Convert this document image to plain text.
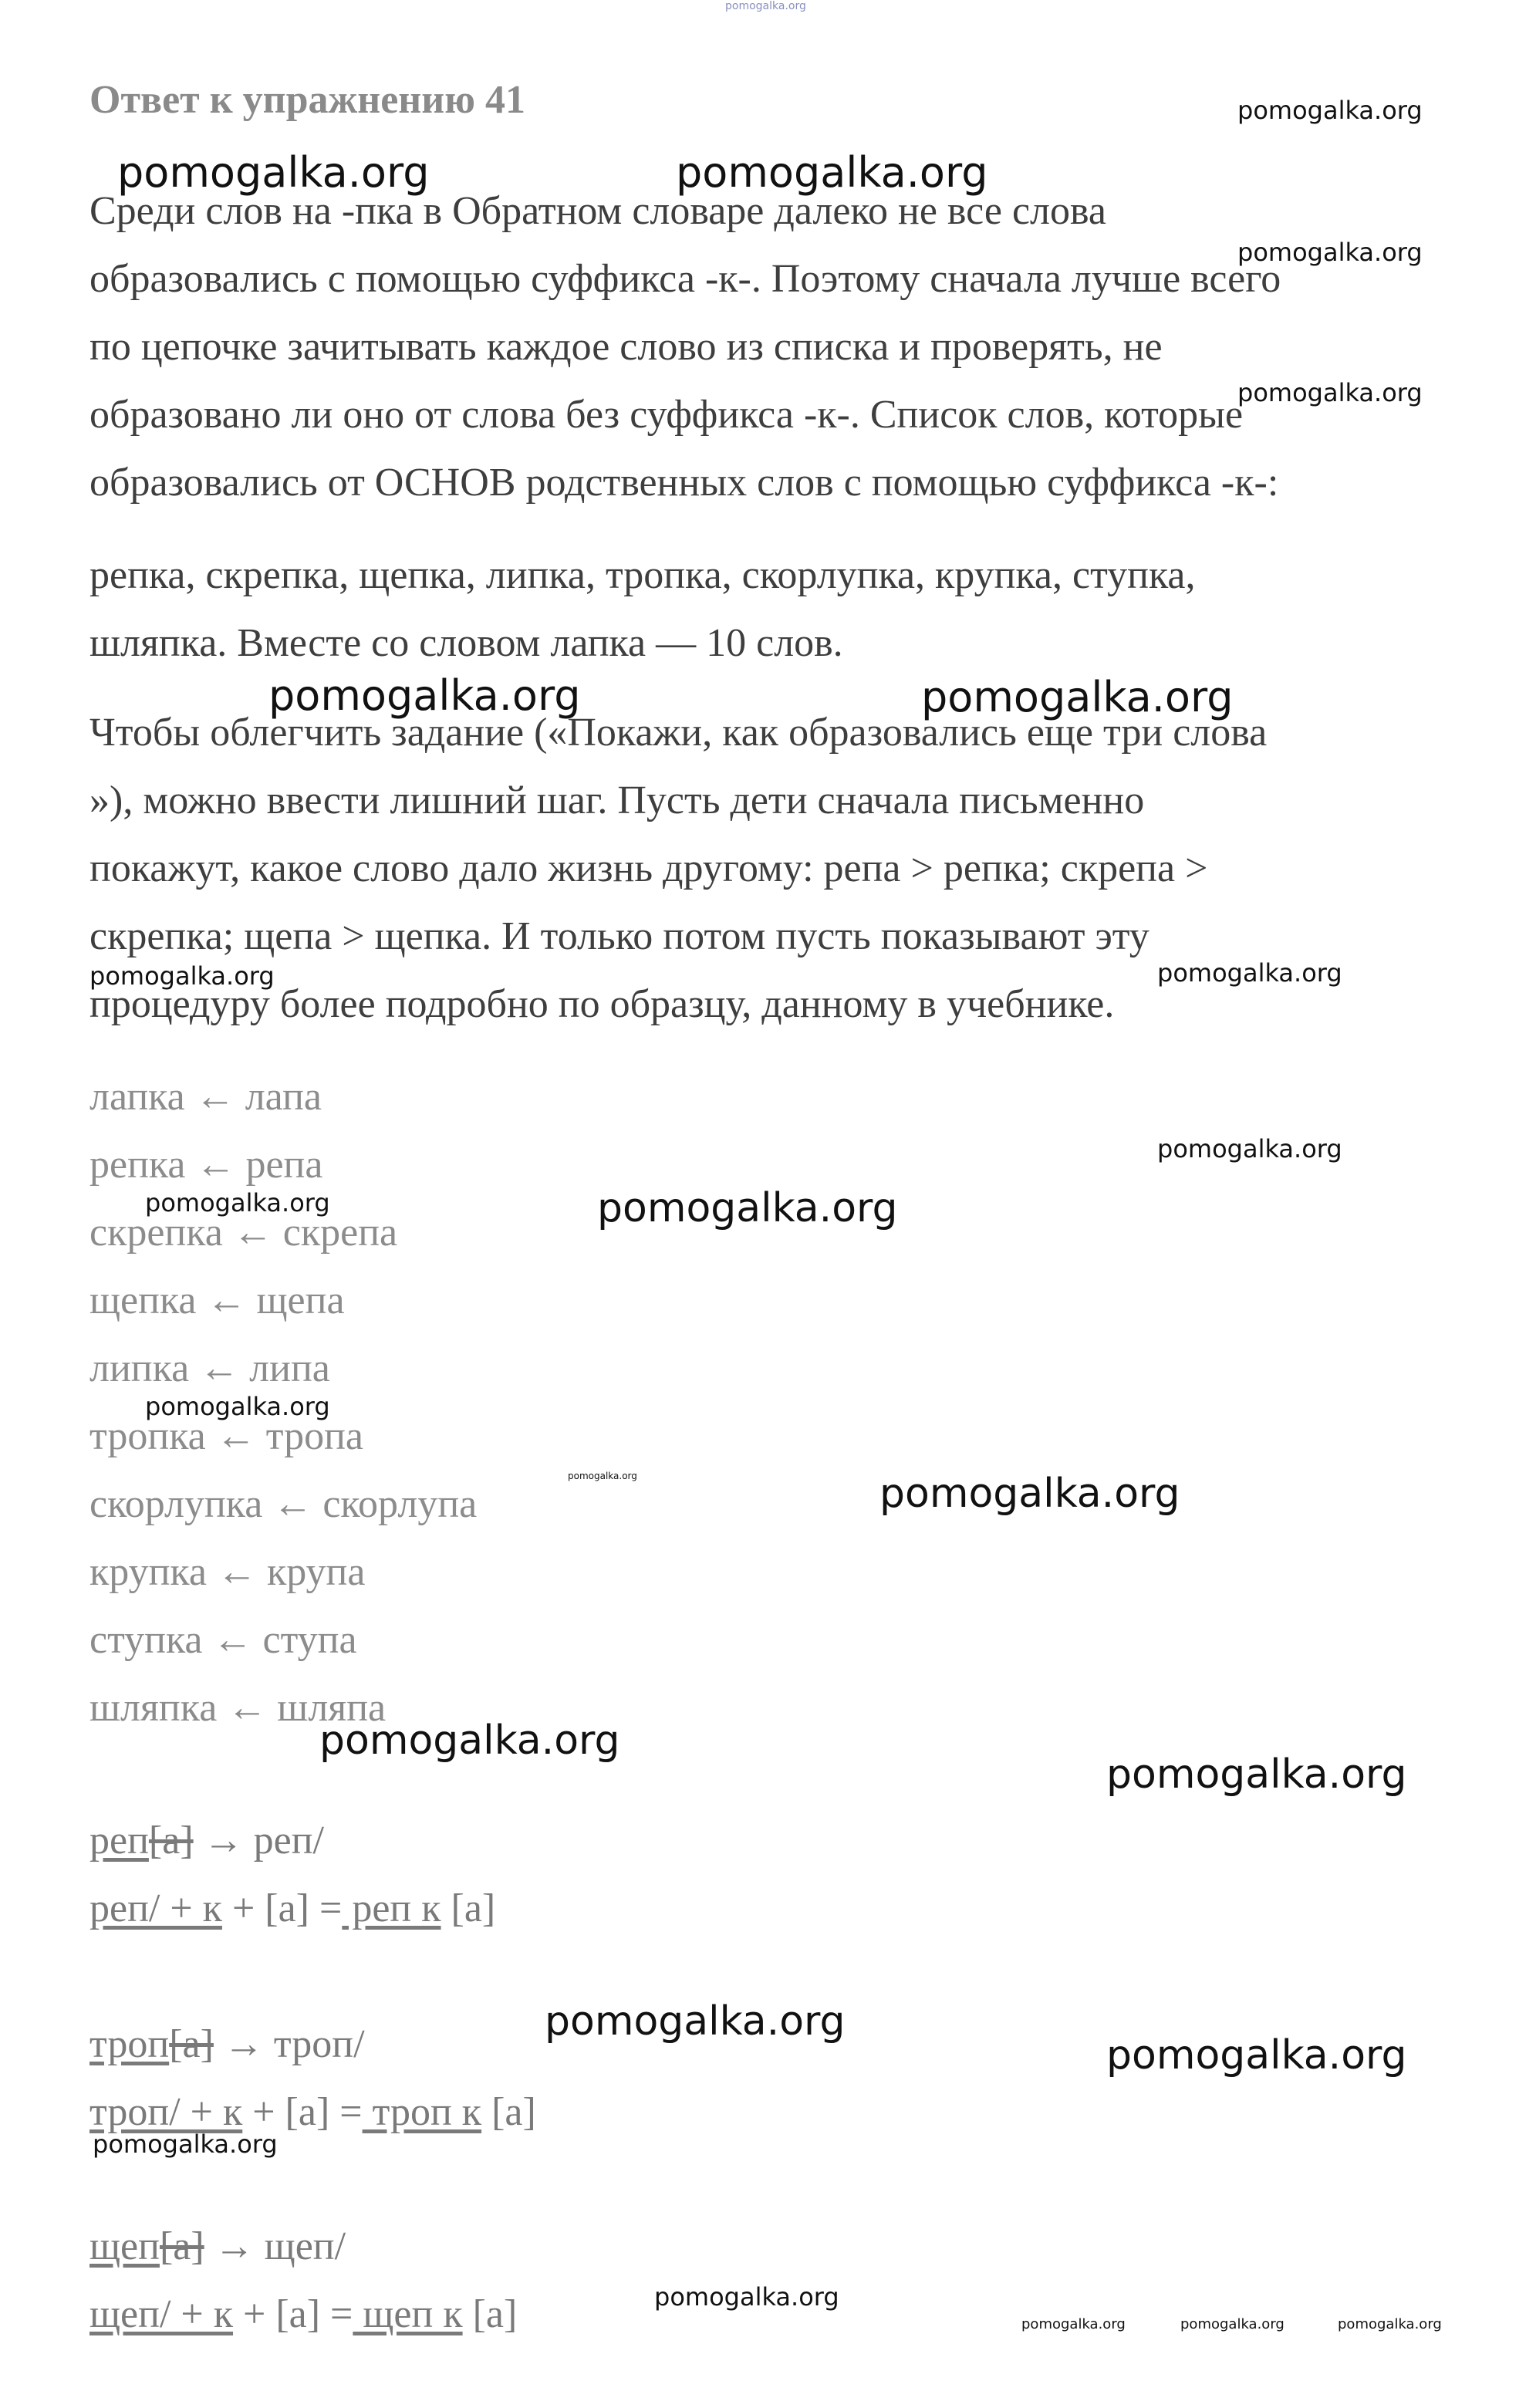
pomogalka.org
pomogalka.org
pomogalka.org	pomogalka.org
pomogalka.org
pomogalka.org
pomogalka.org	pomogalka.org
pomogalka.org	pomogalka.org
pomogalka.org
pomogalka.org	pomogalka.org
pomogalka.org
pomogalka.org	pomogalka.org
pomogalka.org
pomogalka.org
pomogalka.org
pomogalka.org
pomogalka.org
pomogalka.org
pomogalka.org	pomogalka.org	pomogalka.org
Ответ к упражнению 41
Среди слов на -пка в Обратном словаре далеко не все слова
образовались с помощью суффикса -к-. Поэтому сначала лучше всего
по цепочке зачитывать каждое слово из списка и проверять, не
образовано ли оно от слова без суффикса -к-. Список слов, которые
образовались от ОСНОВ родственных слов с помощью суффикса -к-:
репка, скрепка, щепка, липка, тропка, скорлупка, крупка, ступка,
шляпка. Вместе со словом лапка — 10 слов.
Чтобы облегчить задание («Покажи, как образовались еще три слова
»), можно ввести лишний шаг. Пусть дети сначала письменно
покажут, какое слово дало жизнь другому: репа > репка; скрепа >
скрепка; щепа > щепка. И только потом пусть показывают эту
процедуру более подробно по образцу, данному в учебнике.
лапка ← лапа
репка ← репа
скрепка ← скрепа
щепка ← щепа
липка ← липа
тропка ← тропа
скорлупка ← скорлупа
крупка ← крупа
ступка ← ступа
шляпка ← шляпа
реп[а] → реп/
реп/ + к + [а] = реп к [а]
троп[а] → троп/
троп/ + к + [а] = троп к [а]
щеп[а] → щеп/
щеп/ + к + [а] = щеп к [а]
